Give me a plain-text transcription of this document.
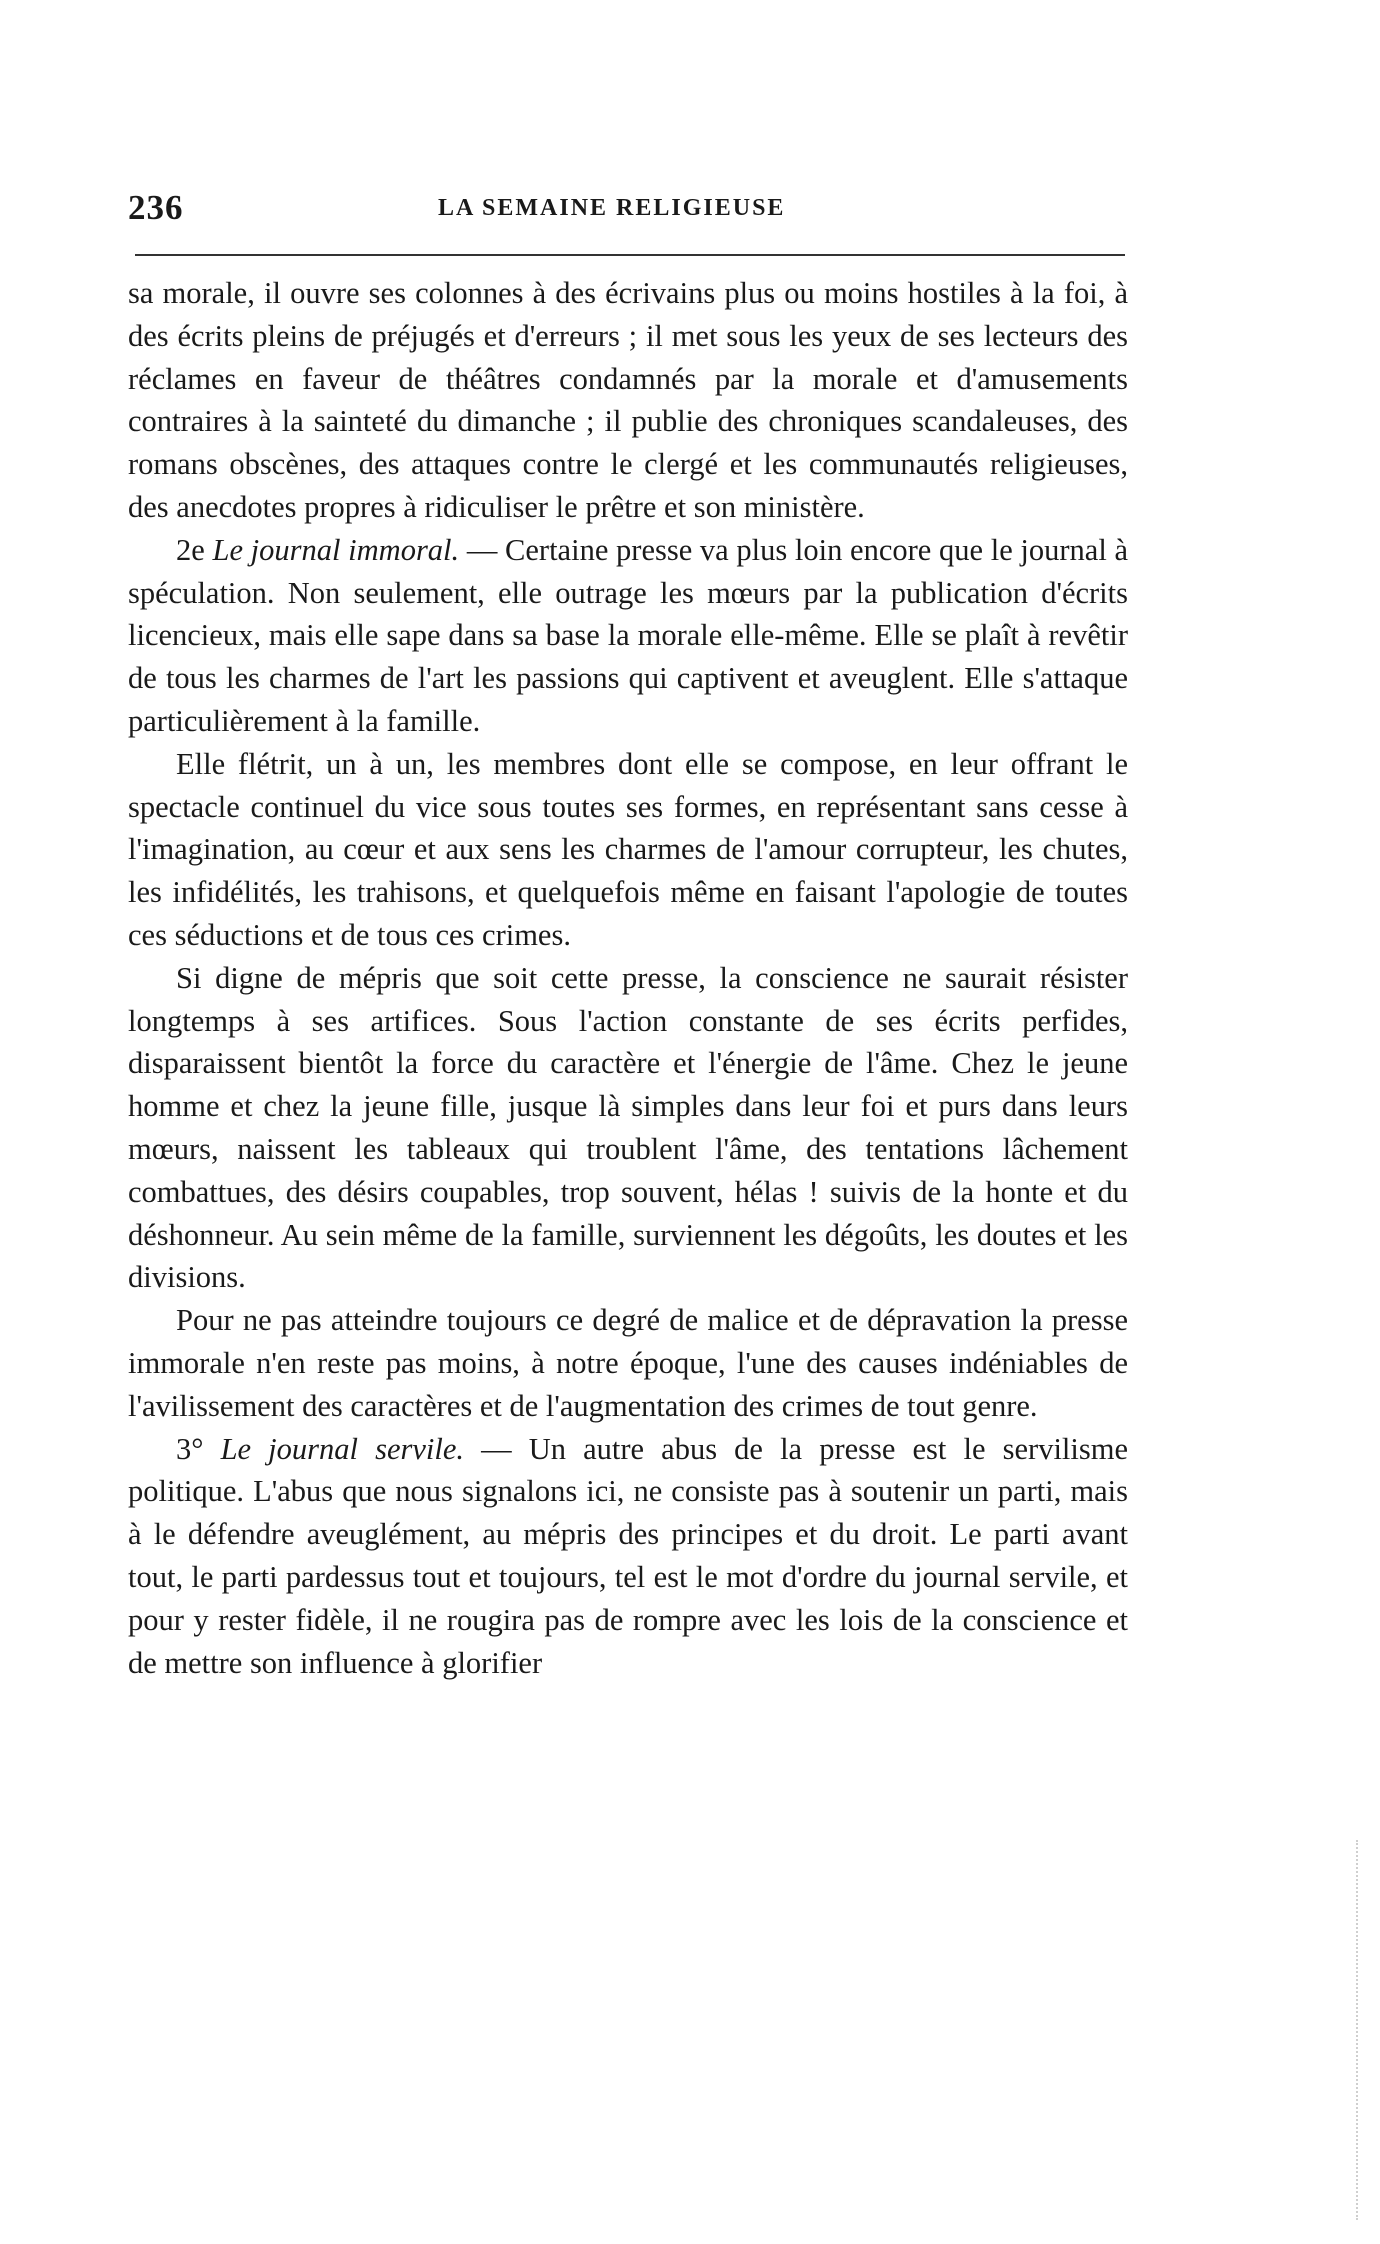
236	LA SEMAINE RELIGIEUSE

sa morale, il ouvre ses colonnes à des écrivains plus ou moins hostiles à la foi, à des écrits pleins de préjugés et d'erreurs ; il met sous les yeux de ses lecteurs des réclames en faveur de théâtres condamnés par la morale et d'amusements contraires à la sainteté du dimanche ; il publie des chroniques scandaleuses, des romans obscènes, des attaques contre le clergé et les communautés religieuses, des anecdotes propres à ridiculiser le prêtre et son ministère.

2e Le journal immoral. — Certaine presse va plus loin encore que le journal à spéculation. Non seulement, elle outrage les mœurs par la publication d'écrits licencieux, mais elle sape dans sa base la morale elle-même. Elle se plaît à revêtir de tous les charmes de l'art les passions qui captivent et aveuglent. Elle s'attaque particulièrement à la famille.

Elle flétrit, un à un, les membres dont elle se compose, en leur offrant le spectacle continuel du vice sous toutes ses formes, en représentant sans cesse à l'imagination, au cœur et aux sens les charmes de l'amour corrupteur, les chutes, les infidélités, les trahisons, et quelquefois même en faisant l'apologie de toutes ces séductions et de tous ces crimes.

Si digne de mépris que soit cette presse, la conscience ne saurait résister longtemps à ses artifices. Sous l'action constante de ses écrits perfides, disparaissent bientôt la force du caractère et l'énergie de l'âme. Chez le jeune homme et chez la jeune fille, jusque là simples dans leur foi et purs dans leurs mœurs, naissent les tableaux qui troublent l'âme, des tentations lâchement combattues, des désirs coupables, trop souvent, hélas ! suivis de la honte et du déshonneur. Au sein même de la famille, surviennent les dégoûts, les doutes et les divisions.

Pour ne pas atteindre toujours ce degré de malice et de dépravation la presse immorale n'en reste pas moins, à notre époque, l'une des causes indéniables de l'avilissement des caractères et de l'augmentation des crimes de tout genre.

3° Le journal servile. — Un autre abus de la presse est le servilisme politique. L'abus que nous signalons ici, ne consiste pas à soutenir un parti, mais à le défendre aveuglément, au mépris des principes et du droit. Le parti avant tout, le parti pardessus tout et toujours, tel est le mot d'ordre du journal servile, et pour y rester fidèle, il ne rougira pas de rompre avec les lois de la conscience et de mettre son influence à glorifier
